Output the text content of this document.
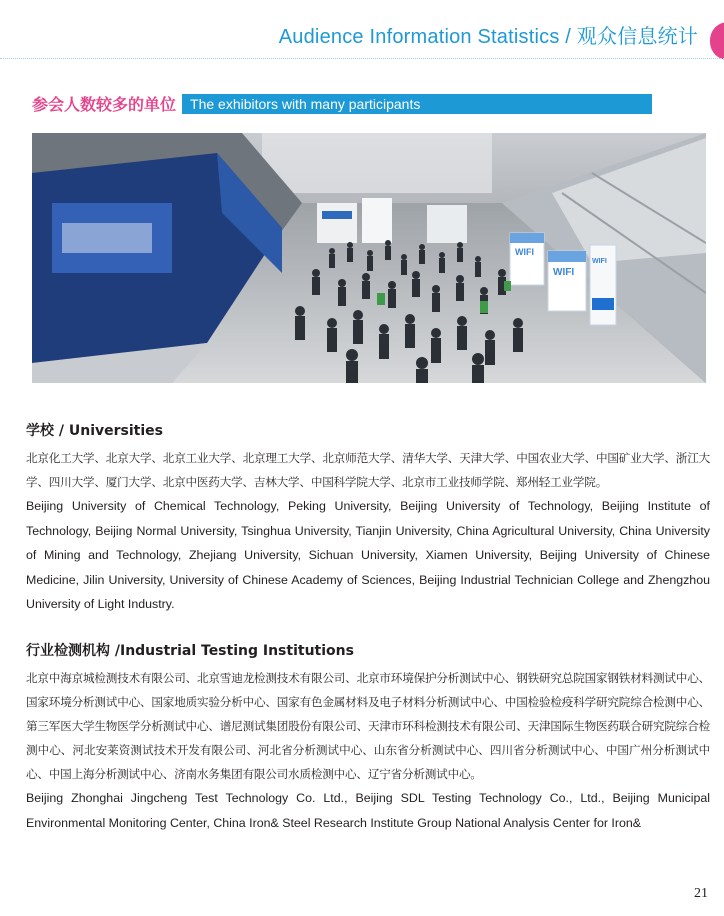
Audience Information Statistics / 观众信息统计
参会人数较多的单位 The exhibitors with many participants
WIFI
WIFI
WIFI
学校 / Universities

北京化工大学、北京大学、北京工业大学、北京理工大学、北京师范大学、清华大学、天津大学、中国农业大学、中国矿业大学、浙江大学、四川大学、厦门大学、北京中医药大学、吉林大学、中国科学院大学、北京市工业技师学院、郑州轻工业学院。

Beijing University of Chemical Technology, Peking University, Beijing University of Technology, Beijing Institute of Technology, Beijing Normal University, Tsinghua University, Tianjin University, China Agricultural University, China University of Mining and Technology, Zhejiang University, Sichuan University, Xiamen University, Beijing University of Chinese Medicine, Jilin University, University of Chinese Academy of Sciences, Beijing Industrial Technician College and Zhengzhou University of Light Industry.

行业检测机构 /Industrial Testing Institutions

北京中海京城检测技术有限公司、北京雪迪龙检测技术有限公司、北京市环境保护分析测试中心、钢铁研究总院国家钢铁材料测试中心、国家环境分析测试中心、国家地质实验分析中心、国家有色金属材料及电子材料分析测试中心、中国检验检疫科学研究院综合检测中心、第三军医大学生物医学分析测试中心、谱尼测试集团股份有限公司、天津市环科检测技术有限公司、天津国际生物医药联合研究院综合检测中心、河北安莱资测试技术开发有限公司、河北省分析测试中心、山东省分析测试中心、四川省分析测试中心、中国广州分析测试中心、中国上海分析测试中心、济南水务集团有限公司水质检测中心、辽宁省分析测试中心。

Beijing Zhonghai Jingcheng Test Technology Co. Ltd., Beijing SDL Testing Technology Co., Ltd., Beijing Municipal Environmental Monitoring Center, China Iron& Steel Research Institute Group National Analysis Center for Iron&

21
